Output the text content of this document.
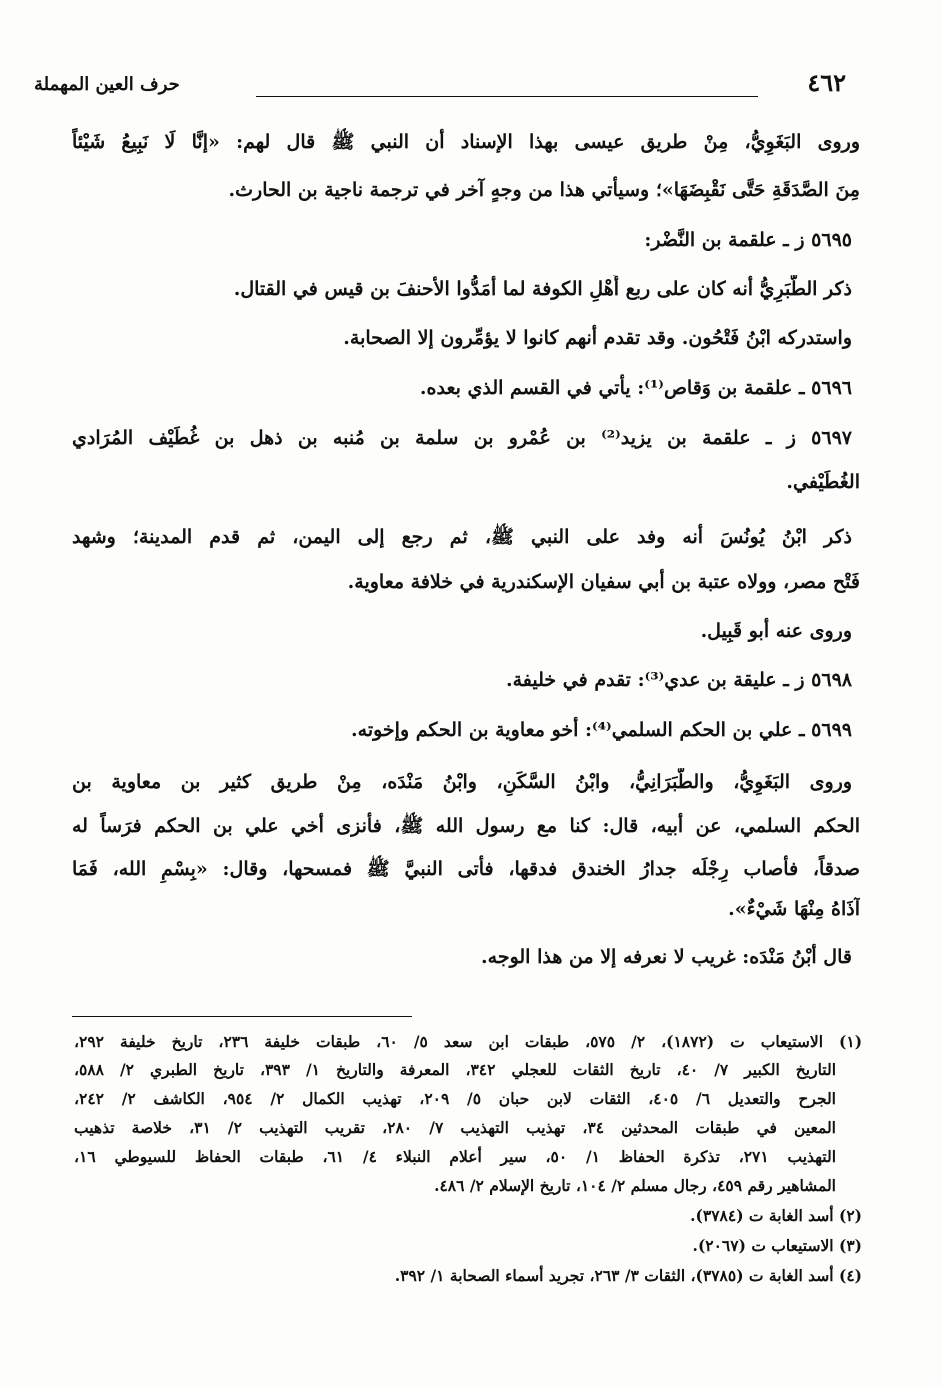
٤٦٢
حرف العين المهملة
وروى البَغَوِيُّ، مِنْ طريق عيسى بهذا الإسناد أن النبي ﷺ قال لهم: «إنَّا لَا نَبِيعُ شَيْئاً
مِنَ الصَّدَقَةِ حَتَّى نَقْبِضَهَا»؛ وسيأتي هذا من وجهٍ آخر في ترجمة ناجية بن الحارث.
٥٦٩٥ ز ـ علقمة بن النَّضْر:
ذكر الطَّبَرِيُّ أنه كان على ربع أَهْلِ الكوفة لما أمَدُّوا الأحنفَ بن قيس في القتال.
واستدركه ابْنُ فَتْحُون. وقد تقدم أنهم كانوا لا يؤمِّرون إلا الصحابة.
٥٦٩٦ ـ علقمة بن وَقاص⁽¹⁾: يأتي في القسم الذي بعده.
٥٦٩٧ ز ـ علقمة بن يزيد⁽²⁾ بن عُمْرو بن سلمة بن مُنبه بن ذهل بن غُطَيْف المُرَادي
الغُطَيْفي.
ذكر ابْنُ يُونُسَ أنه وفد على النبي ﷺ، ثم رجع إلى اليمن، ثم قدم المدينة؛ وشهد
فَتْح مصر، وولاه عتبة بن أبي سفيان الإسكندرية في خلافة معاوية.
وروى عنه أبو قَبِيل.
٥٦٩٨ ز ـ عليقة بن عدي⁽³⁾: تقدم في خليفة.
٥٦٩٩ ـ علي بن الحكم السلمي⁽⁴⁾: أخو معاوية بن الحكم وإخوته.
وروى البَغَوِيُّ، والطَّبَرَانِيُّ، وابْنُ السَّكَنِ، وابْنُ مَنْدَه، مِنْ طريق كثير بن معاوية بن
الحكم السلمي، عن أبيه، قال: كنا مع رسول الله ﷺ، فأنزى أخي علي بن الحكم فرَساً له
صدقاً، فأصاب رِجْلَه جدارُ الخندق فدقها، فأتى النبيَّ ﷺ فمسحها، وقال: «بِسْمِ الله، فَمَا
آذَاهُ مِنْهَا شَيْءٌ».
قال أبْنُ مَنْدَه: غريب لا نعرفه إلا من هذا الوجه.
(١) الاستيعاب ت (١٨٧٢)، ٢/ ٥٧٥، طبقات ابن سعد ٥/ ٦٠، طبقات خليفة ٢٣٦، تاريخ خليفة ٢٩٢،
التاريخ الكبير ٧/ ٤٠، تاريخ الثقات للعجلي ٣٤٢، المعرفة والتاريخ ١/ ٣٩٣، تاريخ الطبري ٢/ ٥٨٨،
الجرح والتعديل ٦/ ٤٠٥، الثقات لابن حبان ٥/ ٢٠٩، تهذيب الكمال ٢/ ٩٥٤، الكاشف ٢/ ٢٤٢،
المعين في طبقات المحدثين ٣٤، تهذيب التهذيب ٧/ ٢٨٠، تقريب التهذيب ٢/ ٣١، خلاصة تذهيب
التهذيب ٢٧١، تذكرة الحفاظ ١/ ٥٠، سير أعلام النبلاء ٤/ ٦١، طبقات الحفاظ للسيوطي ١٦،
المشاهير رقم ٤٥٩، رجال مسلم ٢/ ١٠٤، تاريخ الإسلام ٢/ ٤٨٦.
(٢) أسد الغابة ت (٣٧٨٤).
(٣) الاستيعاب ت (٢٠٦٧).
(٤) أسد الغابة ت (٣٧٨٥)، الثقات ٣/ ٢٦٣، تجريد أسماء الصحابة ١/ ٣٩٢.
